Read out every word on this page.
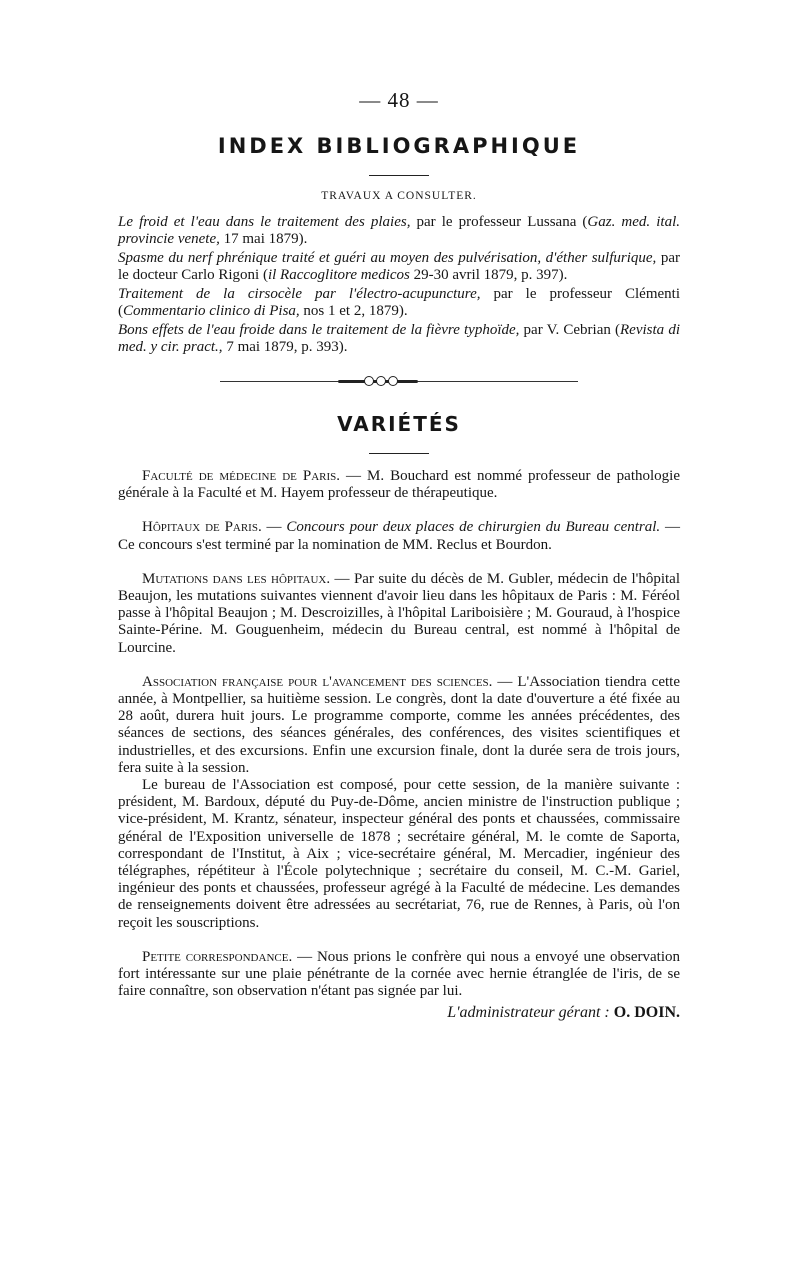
— 48 —
INDEX BIBLIOGRAPHIQUE
TRAVAUX A CONSULTER.

Le froid et l'eau dans le traitement des plaies, par le professeur Lussana (Gaz. med. ital. provincie venete, 17 mai 1879).

Spasme du nerf phrénique traité et guéri au moyen des pulvérisation, d'éther sulfurique, par le docteur Carlo Rigoni (il Raccoglitore medicos 29-30 avril 1879, p. 397).

Traitement de la cirsocèle par l'électro-acupuncture, par le professeur Clémenti (Commentario clinico di Pisa, nos 1 et 2, 1879).

Bons effets de l'eau froide dans le traitement de la fièvre typhoïde, par V. Cebrian (Revista di med. y cir. pract., 7 mai 1879, p. 393).

VARIÉTÉS

Faculté de médecine de Paris. — M. Bouchard est nommé professeur de pathologie générale à la Faculté et M. Hayem professeur de thérapeutique.

Hôpitaux de Paris. — Concours pour deux places de chirurgien du Bureau central. — Ce concours s'est terminé par la nomination de MM. Reclus et Bourdon.

Mutations dans les hôpitaux. — Par suite du décès de M. Gubler, médecin de l'hôpital Beaujon, les mutations suivantes viennent d'avoir lieu dans les hôpitaux de Paris : M. Féréol passe à l'hôpital Beaujon ; M. Descroizilles, à l'hôpital Lariboisière ; M. Gouraud, à l'hospice Sainte-Périne. M. Gouguenheim, médecin du Bureau central, est nommé à l'hôpital de Lourcine.

Association française pour l'avancement des sciences. — L'Association tiendra cette année, à Montpellier, sa huitième session. Le congrès, dont la date d'ouverture a été fixée au 28 août, durera huit jours. Le programme comporte, comme les années précédentes, des séances de sections, des séances générales, des conférences, des visites scientifiques et industrielles, et des excursions. Enfin une excursion finale, dont la durée sera de trois jours, fera suite à la session.

Le bureau de l'Association est composé, pour cette session, de la manière suivante : président, M. Bardoux, député du Puy-de-Dôme, ancien ministre de l'instruction publique ; vice-président, M. Krantz, sénateur, inspecteur général des ponts et chaussées, commissaire général de l'Exposition universelle de 1878 ; secrétaire général, M. le comte de Saporta, correspondant de l'Institut, à Aix ; vice-secrétaire général, M. Mercadier, ingénieur des télégraphes, répétiteur à l'École polytechnique ; secrétaire du conseil, M. C.-M. Gariel, ingénieur des ponts et chaussées, professeur agrégé à la Faculté de médecine. Les demandes de renseignements doivent être adressées au secrétariat, 76, rue de Rennes, à Paris, où l'on reçoit les souscriptions.

Petite correspondance. — Nous prions le confrère qui nous a envoyé une observation fort intéressante sur une plaie pénétrante de la cornée avec hernie étranglée de l'iris, de se faire connaître, son observation n'étant pas signée par lui.

L'administrateur gérant : O. DOIN.
